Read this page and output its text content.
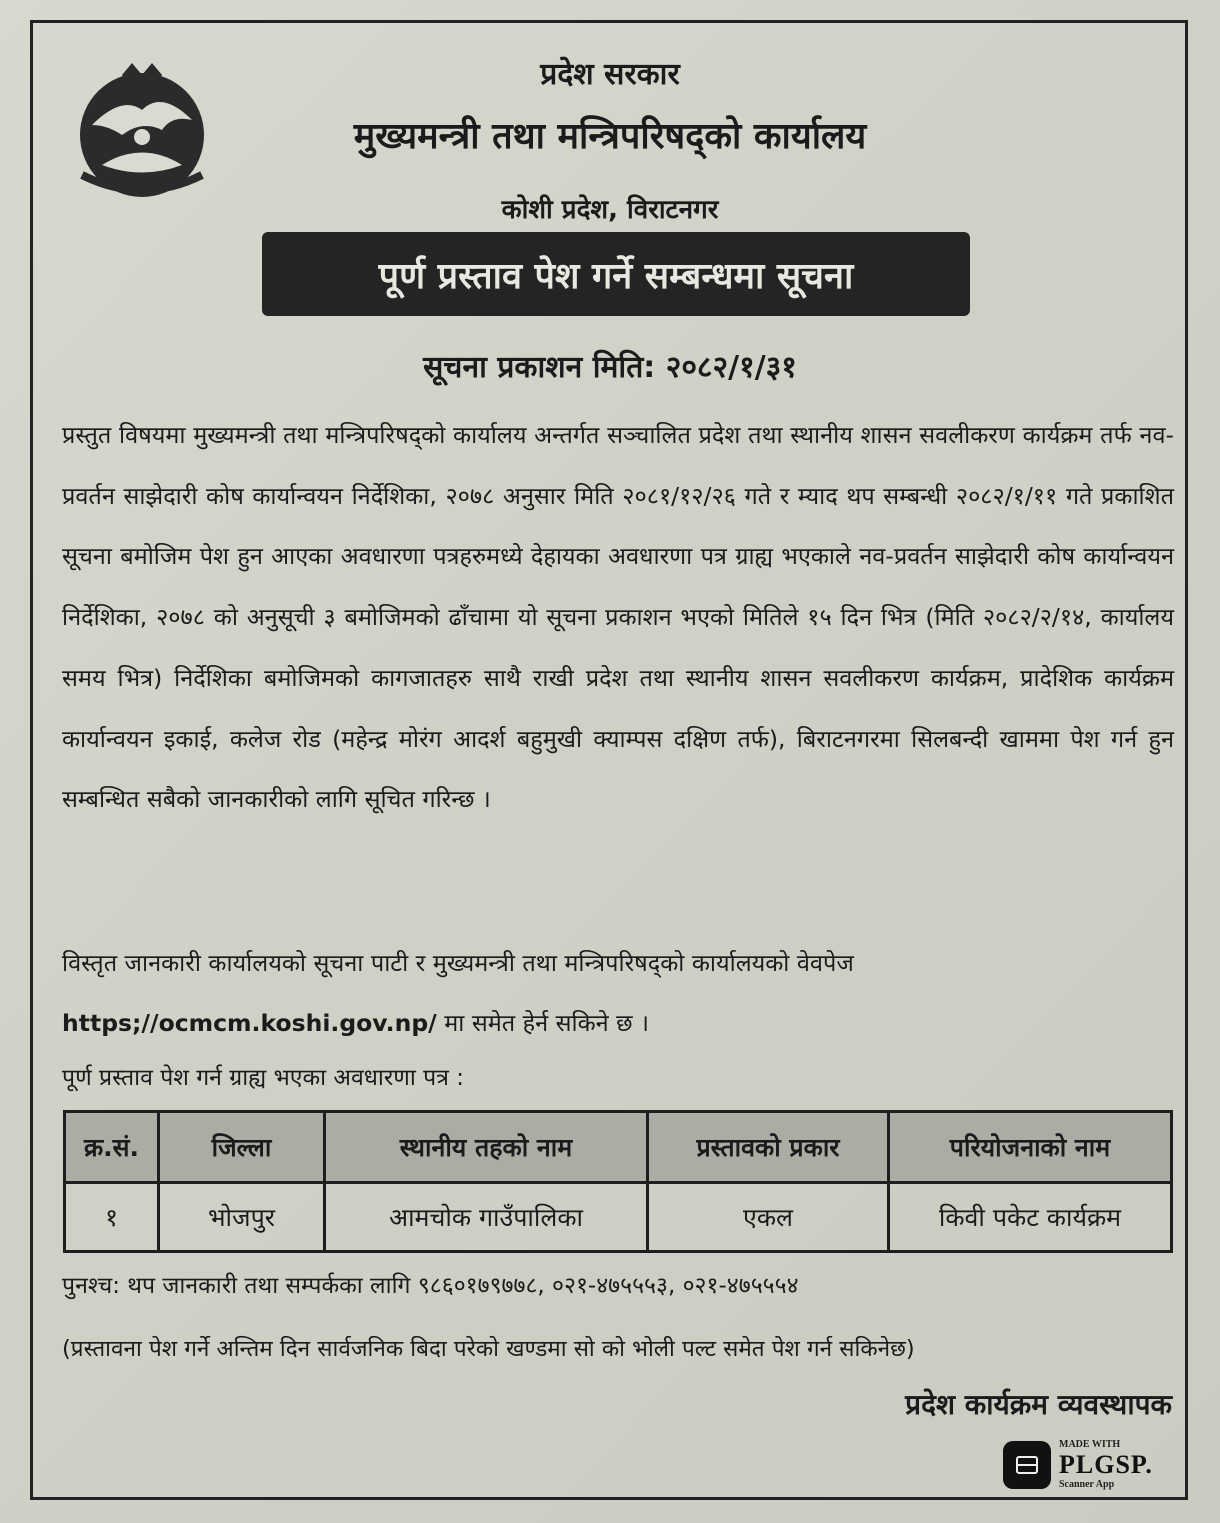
प्रदेश सरकार
मुख्यमन्त्री तथा मन्त्रिपरिषद्को कार्यालय
कोशी प्रदेश, विराटनगर
पूर्ण प्रस्ताव पेश गर्ने सम्बन्धमा सूचना
सूचना प्रकाशन मिति: २०८२/१/३१
प्रस्तुत विषयमा मुख्यमन्त्री तथा मन्त्रिपरिषद्को कार्यालय अन्तर्गत सञ्चालित प्रदेश तथा स्थानीय शासन सवलीकरण कार्यक्रम तर्फ नव-प्रवर्तन साझेदारी कोष कार्यान्वयन निर्देशिका, २०७८ अनुसार मिति २०८१/१२/२६ गते र म्याद थप सम्बन्धी २०८२/१/११ गते प्रकाशित सूचना बमोजिम पेश हुन आएका अवधारणा पत्रहरुमध्ये देहायका अवधारणा पत्र ग्राह्य भएकाले नव-प्रवर्तन साझेदारी कोष कार्यान्वयन निर्देशिका, २०७८ को अनुसूची ३ बमोजिमको ढाँचामा यो सूचना प्रकाशन भएको मितिले १५ दिन भित्र (मिति २०८२/२/१४, कार्यालय समय भित्र) निर्देशिका बमोजिमको कागजातहरु साथै राखी प्रदेश तथा स्थानीय शासन सवलीकरण कार्यक्रम, प्रादेशिक कार्यक्रम कार्यान्वयन इकाई, कलेज रोड (महेन्द्र मोरंग आदर्श बहुमुखी क्याम्पस दक्षिण तर्फ), बिराटनगरमा सिलबन्दी खाममा पेश गर्न हुन सम्बन्धित सबैको जानकारीको लागि सूचित गरिन्छ ।
विस्तृत जानकारी कार्यालयको सूचना पाटी र मुख्यमन्त्री तथा मन्त्रिपरिषद्को कार्यालयको वेवपेज
https;//ocmcm.koshi.gov.np/ मा समेत हेर्न सकिने छ ।
पूर्ण प्रस्ताव पेश गर्न ग्राह्य भएका अवधारणा पत्र :
क्र.सं.	जिल्ला	स्थानीय तहको नाम	प्रस्तावको प्रकार	परियोजनाको नाम
१	भोजपुर	आमचोक गाउँपालिका	एकल	किवी पकेट कार्यक्रम
पुनश्च: थप जानकारी तथा सम्पर्कका लागि ९८६०१७९७७८, ०२१-४७५५५३, ०२१-४७५५५४
(प्रस्तावना पेश गर्ने अन्तिम दिन सार्वजनिक बिदा परेको खण्डमा सो को भोली पल्ट समेत पेश गर्न सकिनेछ)
प्रदेश कार्यक्रम व्यवस्थापक
MADE WITH
PLGSP.
Scanner App
